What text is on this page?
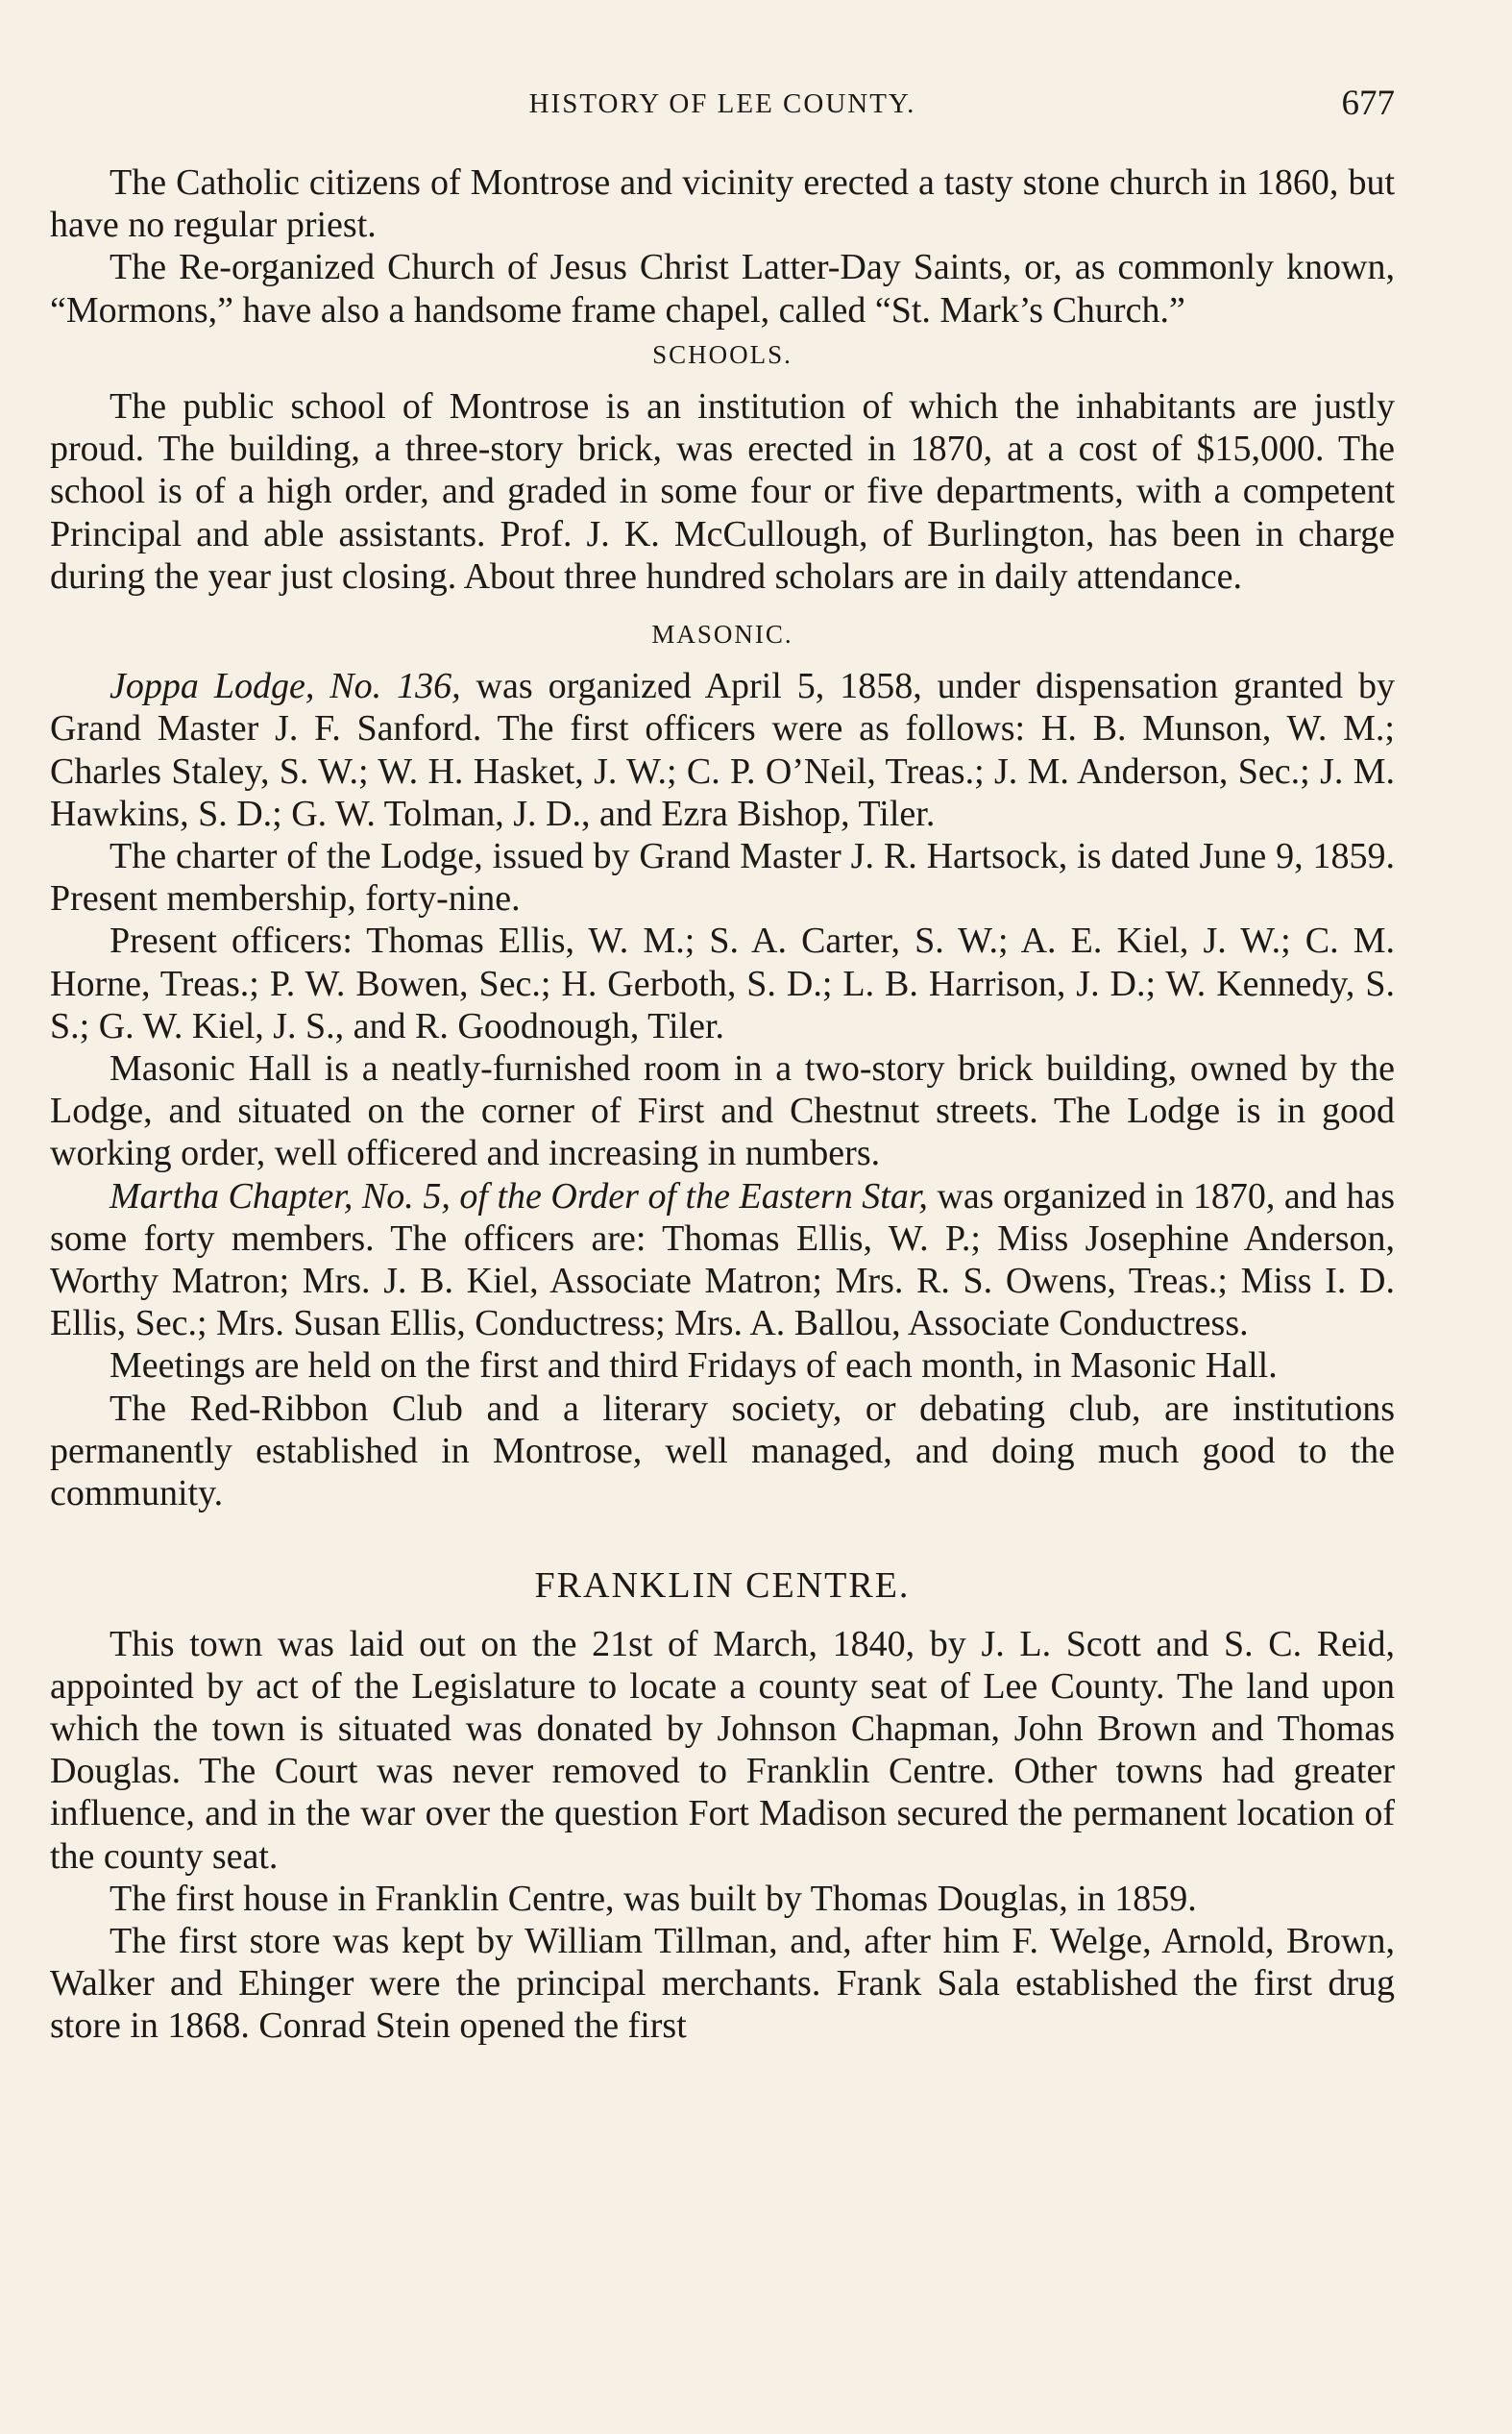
HISTORY OF LEE COUNTY.	677

The Catholic citizens of Montrose and vicinity erected a tasty stone church in 1860, but have no regular priest.

The Re-organized Church of Jesus Christ Latter-Day Saints, or, as commonly known, “Mormons,” have also a handsome frame chapel, called “St. Mark’s Church.”

SCHOOLS.

The public school of Montrose is an institution of which the inhabitants are justly proud. The building, a three-story brick, was erected in 1870, at a cost of $15,000. The school is of a high order, and graded in some four or five departments, with a competent Principal and able assistants. Prof. J. K. McCullough, of Burlington, has been in charge during the year just closing. About three hundred scholars are in daily attendance.

MASONIC.

Joppa Lodge, No. 136, was organized April 5, 1858, under dispensation granted by Grand Master J. F. Sanford. The first officers were as follows: H. B. Munson, W. M.; Charles Staley, S. W.; W. H. Hasket, J. W.; C. P. O’Neil, Treas.; J. M. Anderson, Sec.; J. M. Hawkins, S. D.; G. W. Tolman, J. D., and Ezra Bishop, Tiler.

The charter of the Lodge, issued by Grand Master J. R. Hartsock, is dated June 9, 1859. Present membership, forty-nine.

Present officers: Thomas Ellis, W. M.; S. A. Carter, S. W.; A. E. Kiel, J. W.; C. M. Horne, Treas.; P. W. Bowen, Sec.; H. Gerboth, S. D.; L. B. Harrison, J. D.; W. Kennedy, S. S.; G. W. Kiel, J. S., and R. Goodnough, Tiler.

Masonic Hall is a neatly-furnished room in a two-story brick building, owned by the Lodge, and situated on the corner of First and Chestnut streets. The Lodge is in good working order, well officered and increasing in numbers.

Martha Chapter, No. 5, of the Order of the Eastern Star, was organized in 1870, and has some forty members. The officers are: Thomas Ellis, W. P.; Miss Josephine Anderson, Worthy Matron; Mrs. J. B. Kiel, Associate Matron; Mrs. R. S. Owens, Treas.; Miss I. D. Ellis, Sec.; Mrs. Susan Ellis, Conductress; Mrs. A. Ballou, Associate Conductress.

Meetings are held on the first and third Fridays of each month, in Masonic Hall.

The Red-Ribbon Club and a literary society, or debating club, are institutions permanently established in Montrose, well managed, and doing much good to the community.

FRANKLIN CENTRE.

This town was laid out on the 21st of March, 1840, by J. L. Scott and S. C. Reid, appointed by act of the Legislature to locate a county seat of Lee County. The land upon which the town is situated was donated by Johnson Chapman, John Brown and Thomas Douglas. The Court was never removed to Franklin Centre. Other towns had greater influence, and in the war over the question Fort Madison secured the permanent location of the county seat.

The first house in Franklin Centre, was built by Thomas Douglas, in 1859.

The first store was kept by William Tillman, and, after him F. Welge, Arnold, Brown, Walker and Ehinger were the principal merchants. Frank Sala established the first drug store in 1868. Conrad Stein opened the first
